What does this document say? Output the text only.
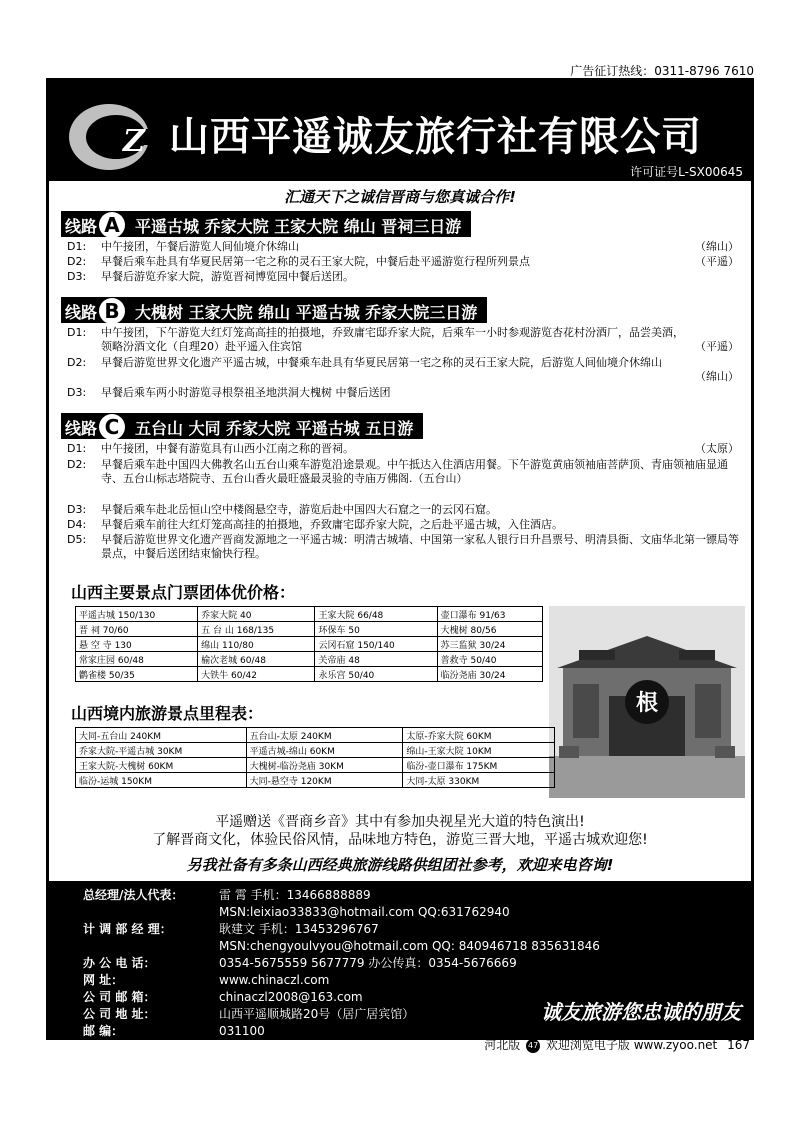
广告征订热线：0311-8796 7610
Z 山西平遥诚友旅行社有限公司
许可证号L-SX00645
汇通天下之诚信晋商与您真诚合作!
线路 A 平遥古城 乔家大院 王家大院 绵山 晋祠三日游
D1:	中午接团，午餐后游览人间仙境介休绵山	（绵山）
D2:	早餐后乘车赴具有华夏民居第一宅之称的灵石王家大院，中餐后赴平遥游览行程所列景点	（平遥）
D3:	早餐后游览乔家大院，游览晋祠博览园中餐后送团。
线路 B 大槐树 王家大院 绵山 平遥古城 乔家大院三日游
D1:	中午接团，下午游览大红灯笼高高挂的拍摄地，乔致庸宅邸乔家大院，后乘车一小时参观游览杏花村汾酒厂，品尝美酒，领略汾酒文化（自理20）赴平遥入住宾馆	（平遥）
D2:	早餐后游览世界文化遗产平遥古城，中餐乘车赴具有华夏民居第一宅之称的灵石王家大院，后游览人间仙境介休绵山
（绵山）
D3:	早餐后乘车两小时游览寻根祭祖圣地洪洞大槐树 中餐后送团
线路 C 五台山 大同 乔家大院 平遥古城 五日游
D1:	中午接团，中餐有游览具有山西小江南之称的晋祠。	（太原）
D2:	早餐后乘车赴中国四大佛教名山五台山乘车游览沿途景观。中午抵达入住酒店用餐。下午游览黄庙领袖庙菩萨顶、青庙领袖庙显通寺、五台山标志塔院寺、五台山香火最旺盛最灵验的寺庙万佛阁.（五台山）
D3:	早餐后乘车赴北岳恒山空中楼阁悬空寺，游览后赴中国四大石窟之一的云冈石窟。
D4:	早餐后乘车前往大红灯笼高高挂的拍摄地，乔致庸宅邸乔家大院，之后赴平遥古城，入住酒店。
D5:	早餐后游览世界文化遗产晋商发源地之一平遥古城：明清古城墙、中国第一家私人银行日升昌票号、明清县衙、文庙华北第一镖局等景点，中餐后送团结束愉快行程。
山西主要景点门票团体优价格：
平遥古城 150/130	乔家大院 40	王家大院 66/48	壶口瀑布 91/63
晋 祠 70/60	五 台 山 168/135	环保车 50	大槐树 80/56
悬 空 寺 130	绵山 110/80	云冈石窟 150/140	苏三监狱 30/24
常家庄园 60/48	榆次老城 60/48	关帝庙 48	普救寺 50/40
鹳雀楼 50/35	大铁牛 60/42	永乐宫 50/40	临汾尧庙 30/24
根
山西境内旅游景点里程表：
大同-五台山 240KM	五台山-太原 240KM	太原-乔家大院 60KM
乔家大院-平遥古城 30KM	平遥古城-绵山 60KM	绵山-王家大院 10KM
王家大院-大槐树 60KM	大槐树-临汾尧庙 30KM	临汾-壶口瀑布 175KM
临汾-运城 150KM	大同-悬空寺 120KM	大同-太原 330KM
平遥赠送《晋商乡音》其中有参加央视星光大道的特色演出!
了解晋商文化，体验民俗风情，品味地方特色，游览三晋大地，平遥古城欢迎您!
另我社备有多条山西经典旅游线路供组团社参考，欢迎来电咨询!
总经理/法人代表：	雷 霄 手机：13466888889
MSN:leixiao33833@hotmail.com QQ:631762940
计 调 部 经 理：	耿建文 手机：13453296767
MSN:chengyoulvyou@hotmail.com QQ: 840946718 835631846
办 公 电 话：	0354-5675559 5677779 办公传真：0354-5676669
网 址：	www.chinaczl.com
公 司 邮 箱：	chinaczl2008@163.com
公 司 地 址：	山西平遥顺城路20号（居广居宾馆）
邮 编：	031100
诚友旅游您忠诚的朋友
河北版 47 欢迎浏览电子版 www.zyoo.net 167
